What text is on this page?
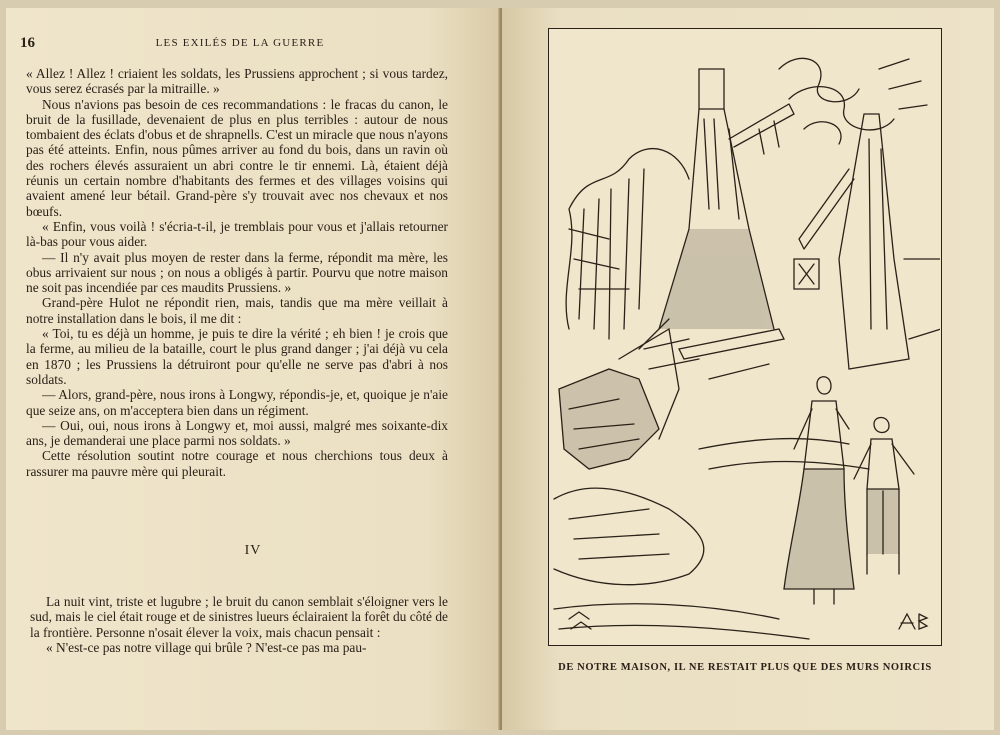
16	LES EXILÉS DE LA GUERRE

« Allez ! Allez ! criaient les soldats, les Prussiens approchent ; si vous tardez, vous serez écrasés par la mitraille. »

Nous n'avions pas besoin de ces recommandations : le fracas du canon, le bruit de la fusillade, devenaient de plus en plus terribles : autour de nous tombaient des éclats d'obus et de shrapnells. C'est un miracle que nous n'ayons pas été atteints. Enfin, nous pûmes arriver au fond du bois, dans un ravin où des rochers élevés assuraient un abri contre le tir ennemi. Là, étaient déjà réunis un certain nombre d'habitants des fermes et des villages voisins qui avaient amené leur bétail. Grand-père s'y trouvait avec nos chevaux et nos bœufs.

« Enfin, vous voilà ! s'écria-t-il, je tremblais pour vous et j'allais retourner là-bas pour vous aider.

— Il n'y avait plus moyen de rester dans la ferme, répondit ma mère, les obus arrivaient sur nous ; on nous a obligés à partir. Pourvu que notre maison ne soit pas incendiée par ces maudits Prussiens. »

Grand-père Hulot ne répondit rien, mais, tandis que ma mère veillait à notre installation dans le bois, il me dit :

« Toi, tu es déjà un homme, je puis te dire la vérité ; eh bien ! je crois que la ferme, au milieu de la bataille, court le plus grand danger ; j'ai déjà vu cela en 1870 ; les Prussiens la détruiront pour qu'elle ne serve pas d'abri à nos soldats.

— Alors, grand-père, nous irons à Longwy, répondis-je, et, quoique je n'aie que seize ans, on m'acceptera bien dans un régiment.

— Oui, oui, nous irons à Longwy et, moi aussi, malgré mes soixante-dix ans, je demanderai une place parmi nos soldats. »

Cette résolution soutint notre courage et nous cherchions tous deux à rassurer ma pauvre mère qui pleurait.

IV

La nuit vint, triste et lugubre ; le bruit du canon semblait s'éloigner vers le sud, mais le ciel était rouge et de sinistres lueurs éclairaient la forêt du côté de la frontière. Personne n'osait élever la voix, mais chacun pensait :

« N'est-ce pas notre village qui brûle ? N'est-ce pas ma pau-

DE NOTRE MAISON, IL NE RESTAIT PLUS QUE DES MURS NOIRCIS
